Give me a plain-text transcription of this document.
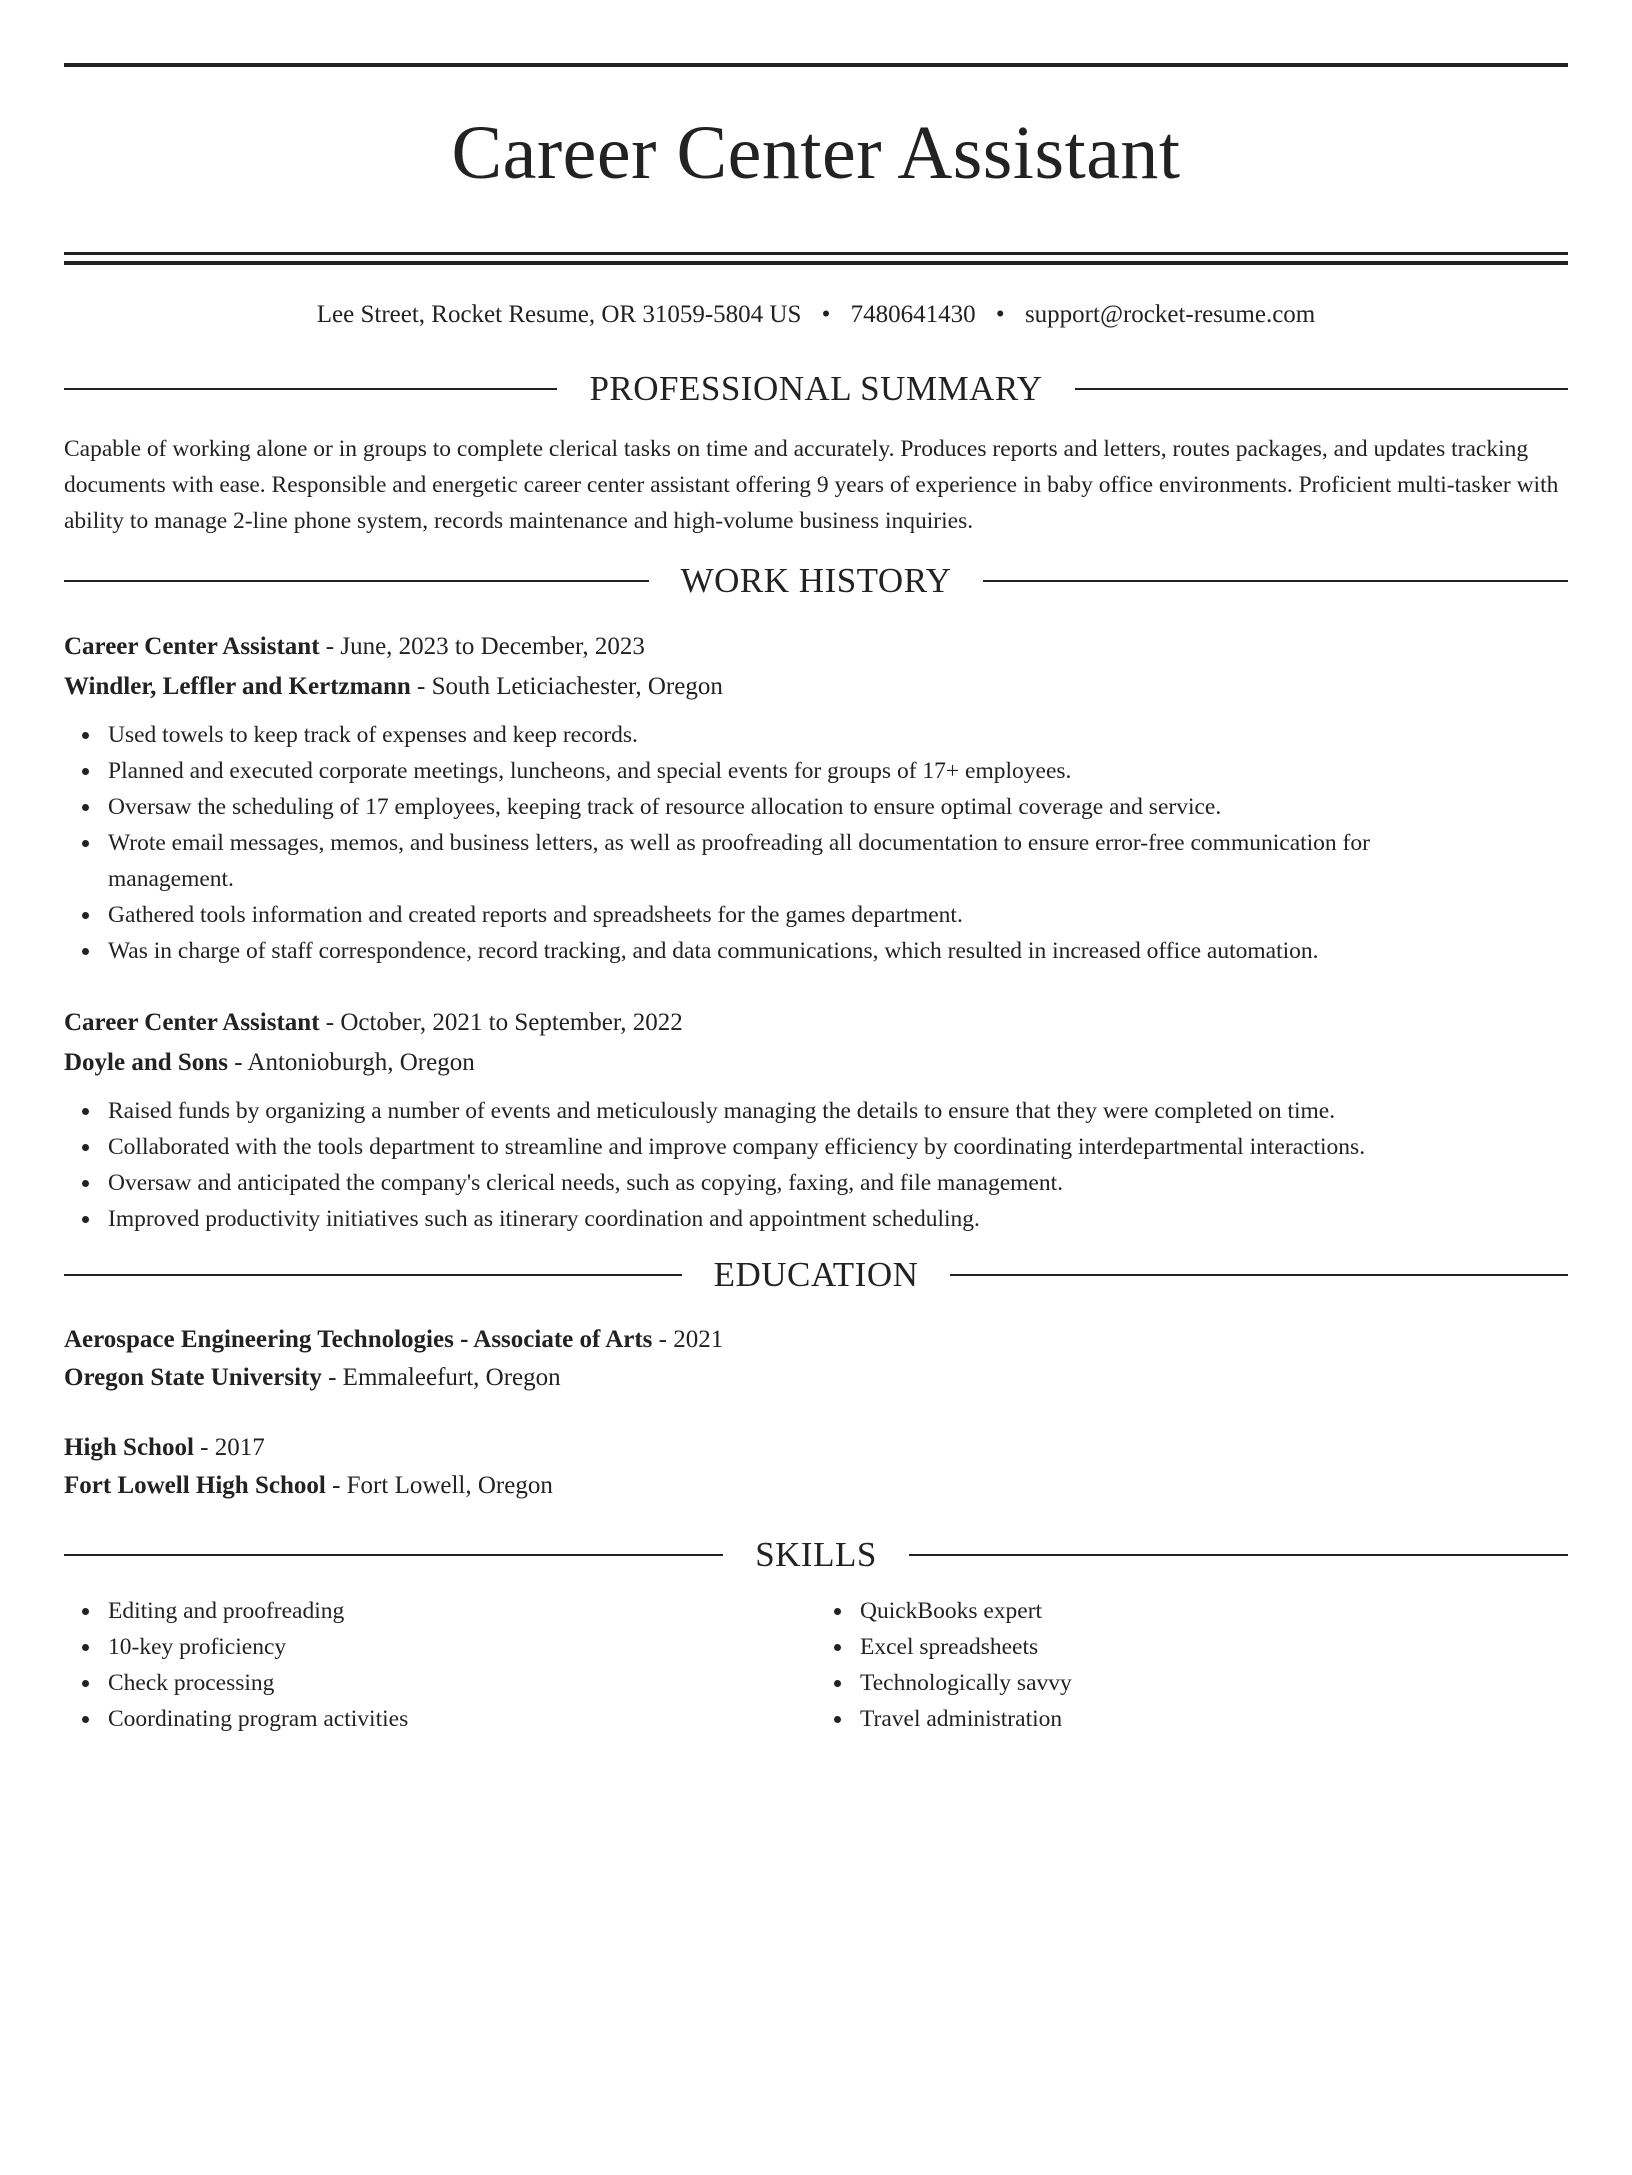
Career Center Assistant
Lee Street, Rocket Resume, OR 31059-5804 US • 7480641430 • support@rocket-resume.com
PROFESSIONAL SUMMARY
Capable of working alone or in groups to complete clerical tasks on time and accurately. Produces reports and letters, routes packages, and updates tracking documents with ease. Responsible and energetic career center assistant offering 9 years of experience in baby office environments. Proficient multi-tasker with ability to manage 2-line phone system, records maintenance and high-volume business inquiries.
WORK HISTORY
Career Center Assistant - June, 2023 to December, 2023
Windler, Leffler and Kertzmann - South Leticiachester, Oregon
Used towels to keep track of expenses and keep records.
Planned and executed corporate meetings, luncheons, and special events for groups of 17+ employees.
Oversaw the scheduling of 17 employees, keeping track of resource allocation to ensure optimal coverage and service.
Wrote email messages, memos, and business letters, as well as proofreading all documentation to ensure error-free communication for management.
Gathered tools information and created reports and spreadsheets for the games department.
Was in charge of staff correspondence, record tracking, and data communications, which resulted in increased office automation.
Career Center Assistant - October, 2021 to September, 2022
Doyle and Sons - Antonioburgh, Oregon
Raised funds by organizing a number of events and meticulously managing the details to ensure that they were completed on time.
Collaborated with the tools department to streamline and improve company efficiency by coordinating interdepartmental interactions.
Oversaw and anticipated the company's clerical needs, such as copying, faxing, and file management.
Improved productivity initiatives such as itinerary coordination and appointment scheduling.
EDUCATION
Aerospace Engineering Technologies - Associate of Arts - 2021
Oregon State University - Emmaleefurt, Oregon
High School - 2017
Fort Lowell High School - Fort Lowell, Oregon
SKILLS
Editing and proofreading
10-key proficiency
Check processing
Coordinating program activities
QuickBooks expert
Excel spreadsheets
Technologically savvy
Travel administration
